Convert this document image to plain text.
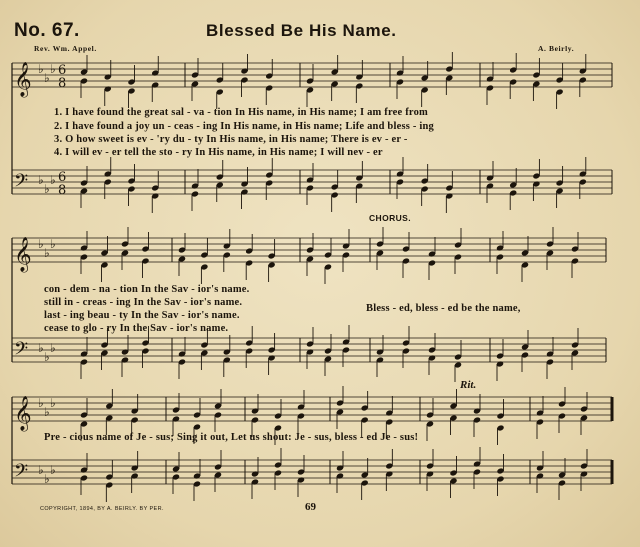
No. 67.	Blessed Be His Name.
Rev. Wm. Appel.	A. Beirly.
𝄞
𝄢
♭
♭
♭
♭
♭
♭
6
8
6
8
𝄞
𝄢
♭
♭
♭
♭
♭
♭
𝄞
𝄢
♭
♭
♭
♭
♭
♭
1. I have found the great sal - va - tion In His name, in His name; I am free from
2. I have found a joy un - ceas - ing In His name, in His name; Life and bless - ing
3. O how sweet is ev - 'ry du - ty In His name, in His name; There is ev - er -
4. I will ev - er tell the sto - ry In His name, in His name; I will nev - er
CHORUS.
con - dem - na - tion In the Sav - ior's name.
still in - creas - ing In the Sav - ior's name.
last - ing beau - ty In the Sav - ior's name.
cease to glo - ry In the Sav - ior's name.
Bless - ed, bless - ed be the name,
Rit.
Pre - cious name of Je - sus; Sing it out, Let us shout: Je - sus, bless - ed Je - sus!
COPYRIGHT, 1894, BY A. BEIRLY. BY PER.	69
